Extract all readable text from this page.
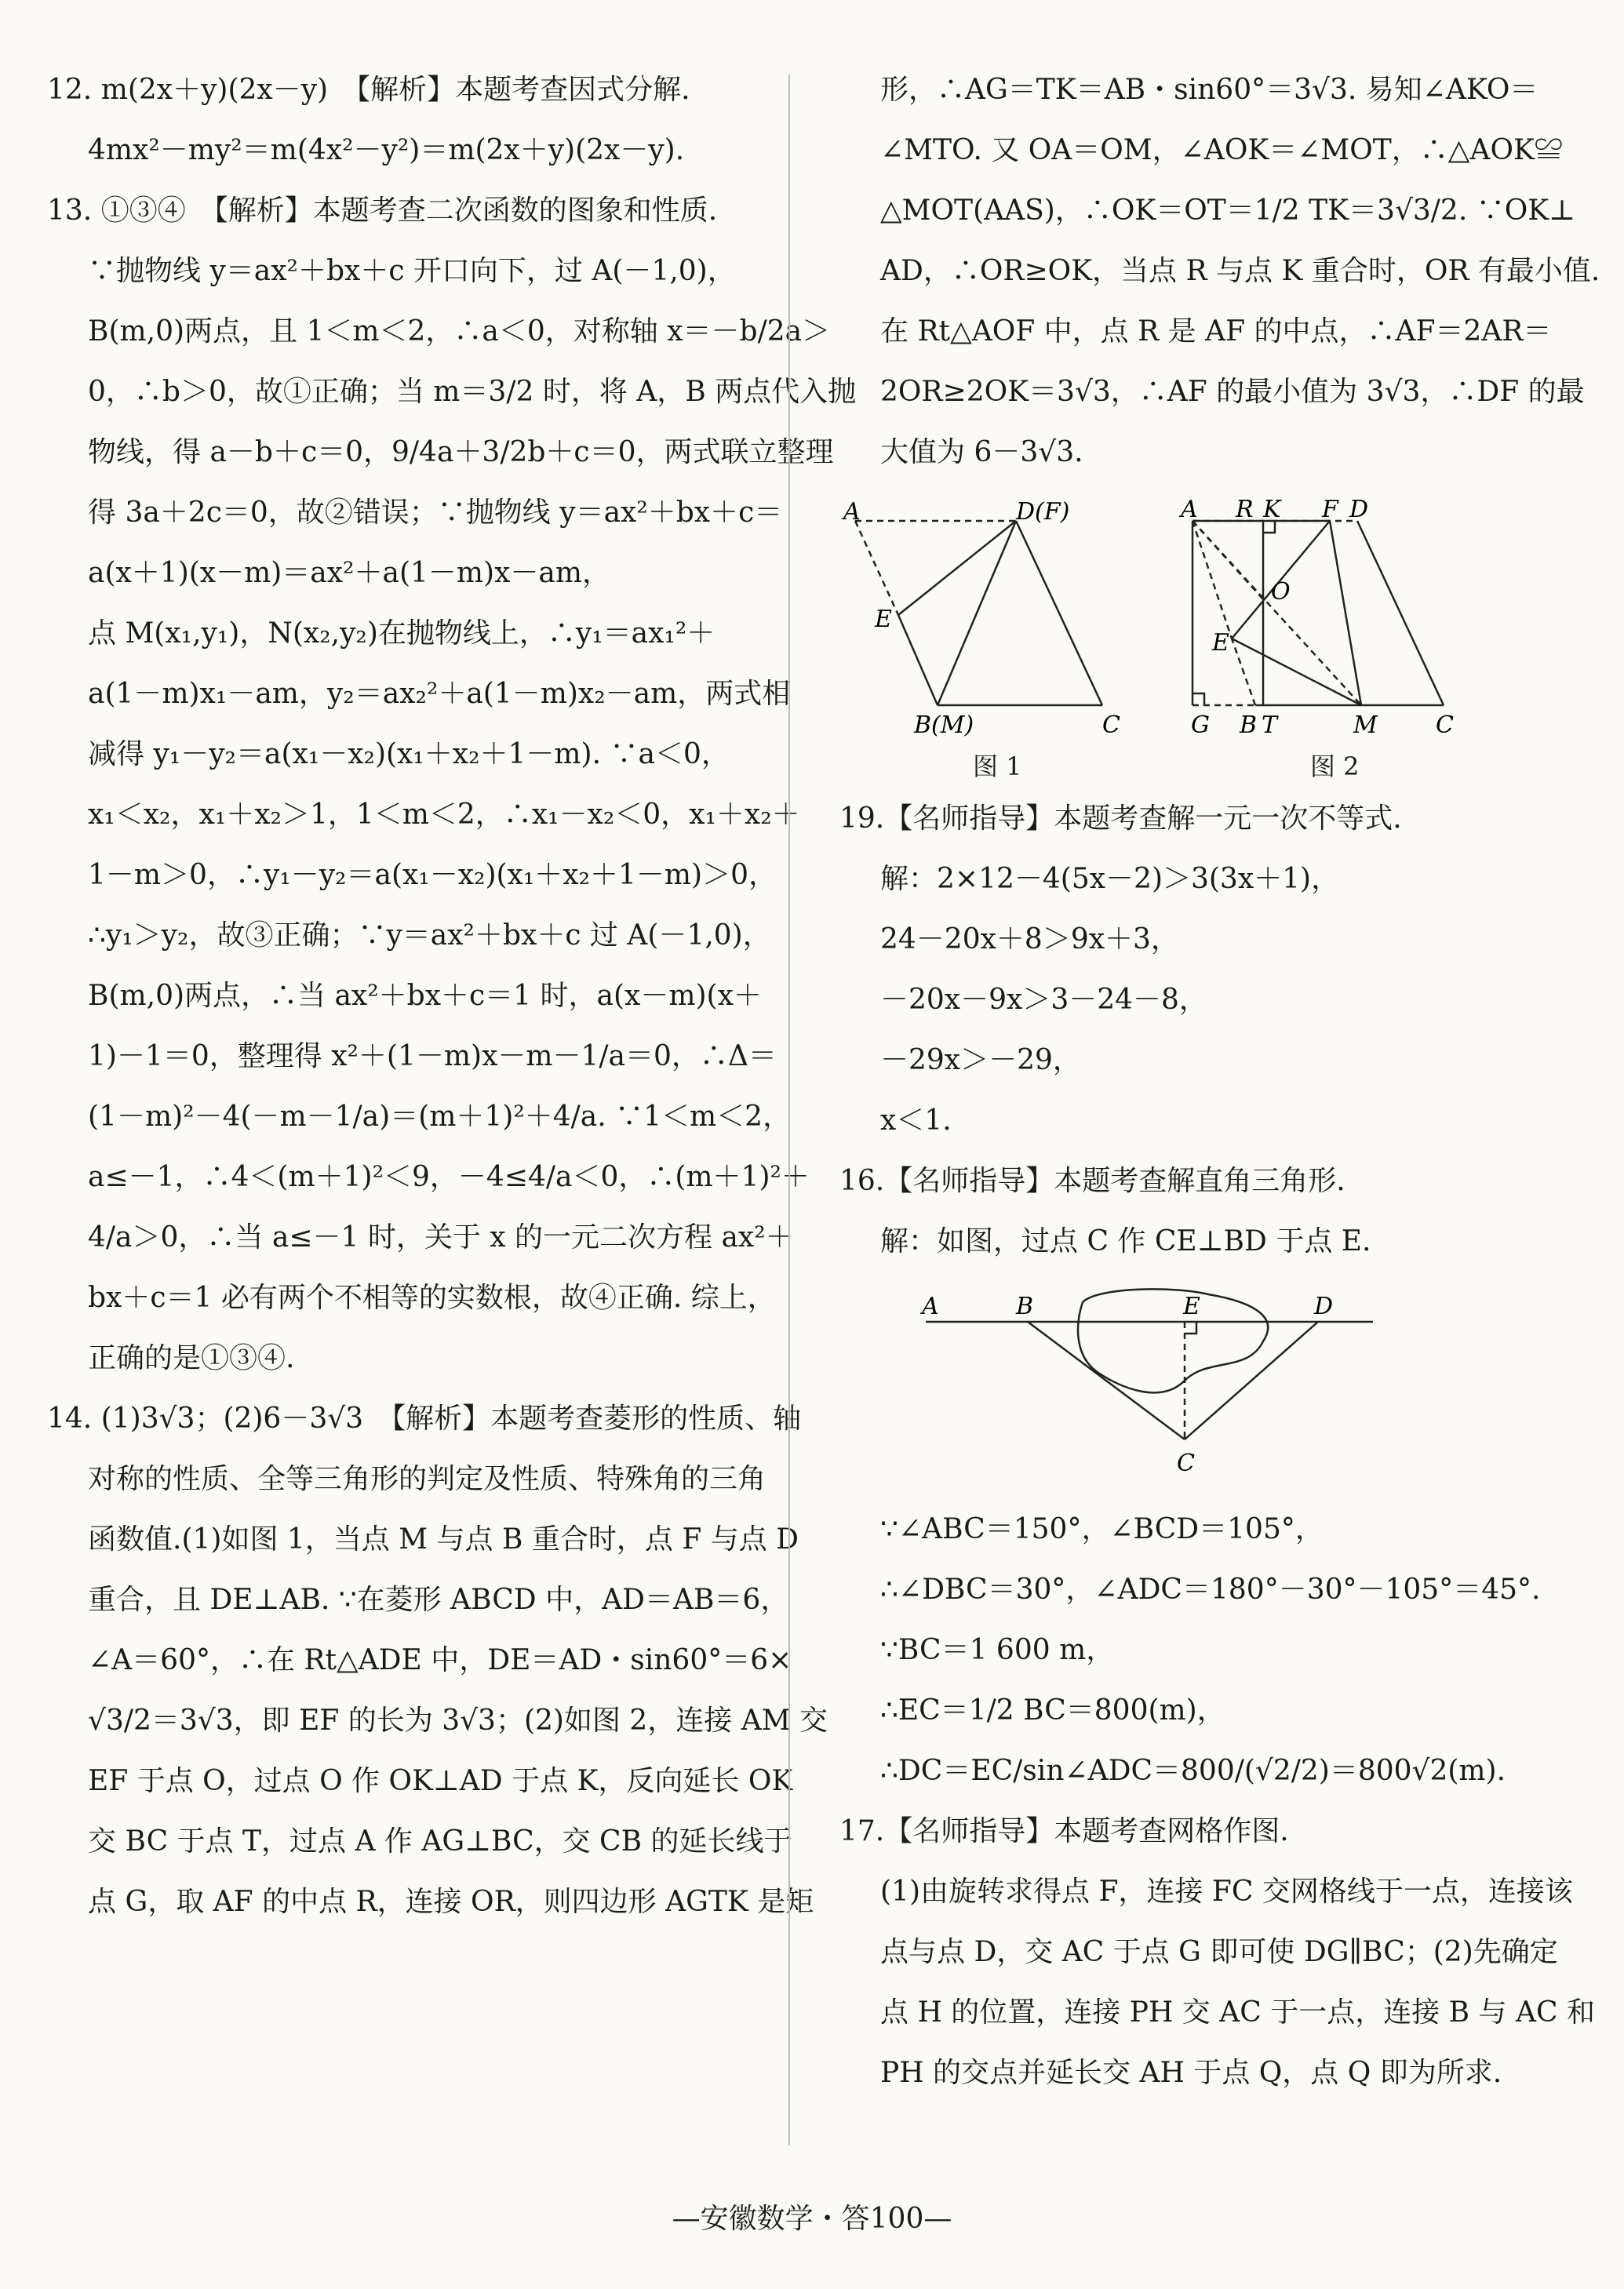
12. m(2x＋y)(2x－y)　【解析】本题考查因式分解.
4mx²－my²＝m(4x²－y²)＝m(2x＋y)(2x－y).
13. ①③④　【解析】本题考查二次函数的图象和性质.
∵抛物线 y＝ax²＋bx＋c 开口向下，过 A(－1,0)，
B(m,0)两点，且 1＜m＜2，∴a＜0，对称轴 x＝－b/2a＞
0，∴b＞0，故①正确；当 m＝3/2 时，将 A，B 两点代入抛
物线，得 a－b＋c＝0，9/4a＋3/2b＋c＝0，两式联立整理
得 3a＋2c＝0，故②错误；∵抛物线 y＝ax²＋bx＋c＝
a(x＋1)(x－m)＝ax²＋a(1－m)x－am，
点 M(x₁,y₁)，N(x₂,y₂)在抛物线上，∴y₁＝ax₁²＋
a(1－m)x₁－am，y₂＝ax₂²＋a(1－m)x₂－am，两式相
减得 y₁－y₂＝a(x₁－x₂)(x₁＋x₂＋1－m). ∵a＜0，
x₁＜x₂，x₁＋x₂＞1，1＜m＜2，∴x₁－x₂＜0，x₁＋x₂＋
1－m＞0，∴y₁－y₂＝a(x₁－x₂)(x₁＋x₂＋1－m)＞0，
∴y₁＞y₂，故③正确；∵y＝ax²＋bx＋c 过 A(－1,0)，
B(m,0)两点，∴当 ax²＋bx＋c＝1 时，a(x－m)(x＋
1)－1＝0，整理得 x²＋(1－m)x－m－1/a＝0，∴Δ＝
(1－m)²－4(－m－1/a)＝(m＋1)²＋4/a. ∵1＜m＜2，
a≤－1，∴4＜(m＋1)²＜9，－4≤4/a＜0，∴(m＋1)²＋
4/a＞0，∴当 a≤－1 时，关于 x 的一元二次方程 ax²＋
bx＋c＝1 必有两个不相等的实数根，故④正确. 综上，
正确的是①③④.
14. (1)3√3；(2)6－3√3　【解析】本题考查菱形的性质、轴
对称的性质、全等三角形的判定及性质、特殊角的三角
函数值.(1)如图 1，当点 M 与点 B 重合时，点 F 与点 D
重合，且 DE⊥AB. ∵在菱形 ABCD 中，AD＝AB＝6，
∠A＝60°，∴在 Rt△ADE 中，DE＝AD・sin60°＝6×
√3/2＝3√3，即 EF 的长为 3√3；(2)如图 2，连接 AM 交
EF 于点 O，过点 O 作 OK⊥AD 于点 K，反向延长 OK
交 BC 于点 T，过点 A 作 AG⊥BC，交 CB 的延长线于
点 G，取 AF 的中点 R，连接 OR，则四边形 AGTK 是矩
形，∴AG＝TK＝AB・sin60°＝3√3. 易知∠AKO＝
∠MTO. 又 OA＝OM，∠AOK＝∠MOT，∴△AOK≌
△MOT(AAS)，∴OK＝OT＝1/2 TK＝3√3/2. ∵OK⊥
AD，∴OR≥OK，当点 R 与点 K 重合时，OR 有最小值.
在 Rt△AOF 中，点 R 是 AF 的中点，∴AF＝2AR＝
2OR≥2OK＝3√3，∴AF 的最小值为 3√3，∴DF 的最
大值为 6－3√3.
A	D(F)
E
B(M)	C
图 1
A R K F D
O
E
G B T	M C
图 2
19.【名师指导】本题考查解一元一次不等式.
解：2×12－4(5x－2)＞3(3x＋1)，
24－20x＋8＞9x＋3，
－20x－9x＞3－24－8，
－29x＞－29，
x＜1.
16.【名师指导】本题考查解直角三角形.
解：如图，过点 C 作 CE⊥BD 于点 E.
A	B	E	D
C
∵∠ABC＝150°，∠BCD＝105°，
∴∠DBC＝30°，∠ADC＝180°－30°－105°＝45°.
∵BC＝1 600 m，
∴EC＝1/2 BC＝800(m)，
∴DC＝EC/sin∠ADC＝800/(√2/2)＝800√2(m).
17.【名师指导】本题考查网格作图.
(1)由旋转求得点 F，连接 FC 交网格线于一点，连接该
点与点 D，交 AC 于点 G 即可使 DG∥BC；(2)先确定
点 H 的位置，连接 PH 交 AC 于一点，连接 B 与 AC 和
PH 的交点并延长交 AH 于点 Q，点 Q 即为所求.
—安徽数学・答100—
